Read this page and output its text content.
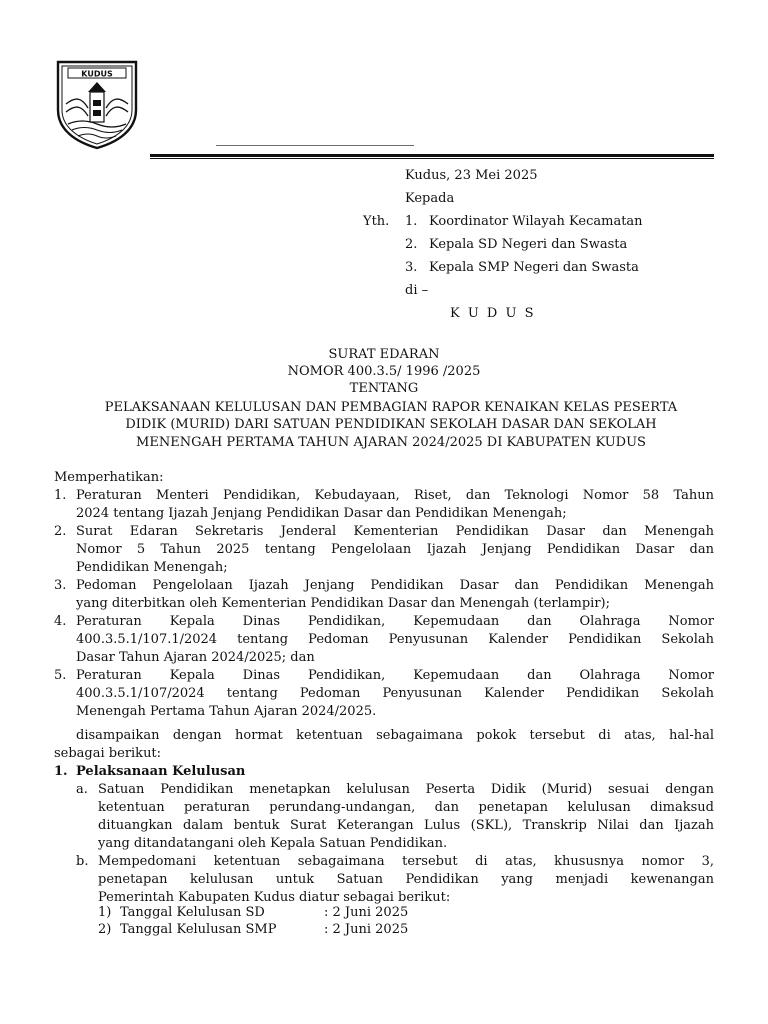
KUDUS
Kudus, 23 Mei 2025
Kepada
Yth. 1. Koordinator Wilayah Kecamatan
2. Kepala SD Negeri dan Swasta
3. Kepala SMP Negeri dan Swasta
di –
K U D U S
SURAT EDARAN
NOMOR 400.3.5/ 1996 /2025
TENTANG
PELAKSANAAN KELULUSAN DAN PEMBAGIAN RAPOR KENAIKAN KELAS PESERTA
DIDIK (MURID) DARI SATUAN PENDIDIKAN SEKOLAH DASAR DAN SEKOLAH
MENENGAH PERTAMA TAHUN AJARAN 2024/2025 DI KABUPATEN KUDUS
Memperhatikan:
1. Peraturan Menteri Pendidikan, Kebudayaan, Riset, dan Teknologi Nomor 58 Tahun
2024 tentang Ijazah Jenjang Pendidikan Dasar dan Pendidikan Menengah;
2. Surat Edaran Sekretaris Jenderal Kementerian Pendidikan Dasar dan Menengah
Nomor 5 Tahun 2025 tentang Pengelolaan Ijazah Jenjang Pendidikan Dasar dan
Pendidikan Menengah;
3. Pedoman Pengelolaan Ijazah Jenjang Pendidikan Dasar dan Pendidikan Menengah
yang diterbitkan oleh Kementerian Pendidikan Dasar dan Menengah (terlampir);
4. Peraturan Kepala Dinas Pendidikan, Kepemudaan dan Olahraga Nomor
400.3.5.1/107.1/2024 tentang Pedoman Penyusunan Kalender Pendidikan Sekolah
Dasar Tahun Ajaran 2024/2025; dan
5. Peraturan Kepala Dinas Pendidikan, Kepemudaan dan Olahraga Nomor
400.3.5.1/107/2024 tentang Pedoman Penyusunan Kalender Pendidikan Sekolah
Menengah Pertama Tahun Ajaran 2024/2025.
disampaikan dengan hormat ketentuan sebagaimana pokok tersebut di atas, hal-hal
sebagai berikut:
1. Pelaksanaan Kelulusan
a. Satuan Pendidikan menetapkan kelulusan Peserta Didik (Murid) sesuai dengan
ketentuan peraturan perundang-undangan, dan penetapan kelulusan dimaksud
dituangkan dalam bentuk Surat Keterangan Lulus (SKL), Transkrip Nilai dan Ijazah
yang ditandatangani oleh Kepala Satuan Pendidikan.
b. Mempedomani ketentuan sebagaimana tersebut di atas, khususnya nomor 3,
penetapan kelulusan untuk Satuan Pendidikan yang menjadi kewenangan
Pemerintah Kabupaten Kudus diatur sebagai berikut:
1) Tanggal Kelulusan SD	: 2 Juni 2025
2) Tanggal Kelulusan SMP	: 2 Juni 2025
